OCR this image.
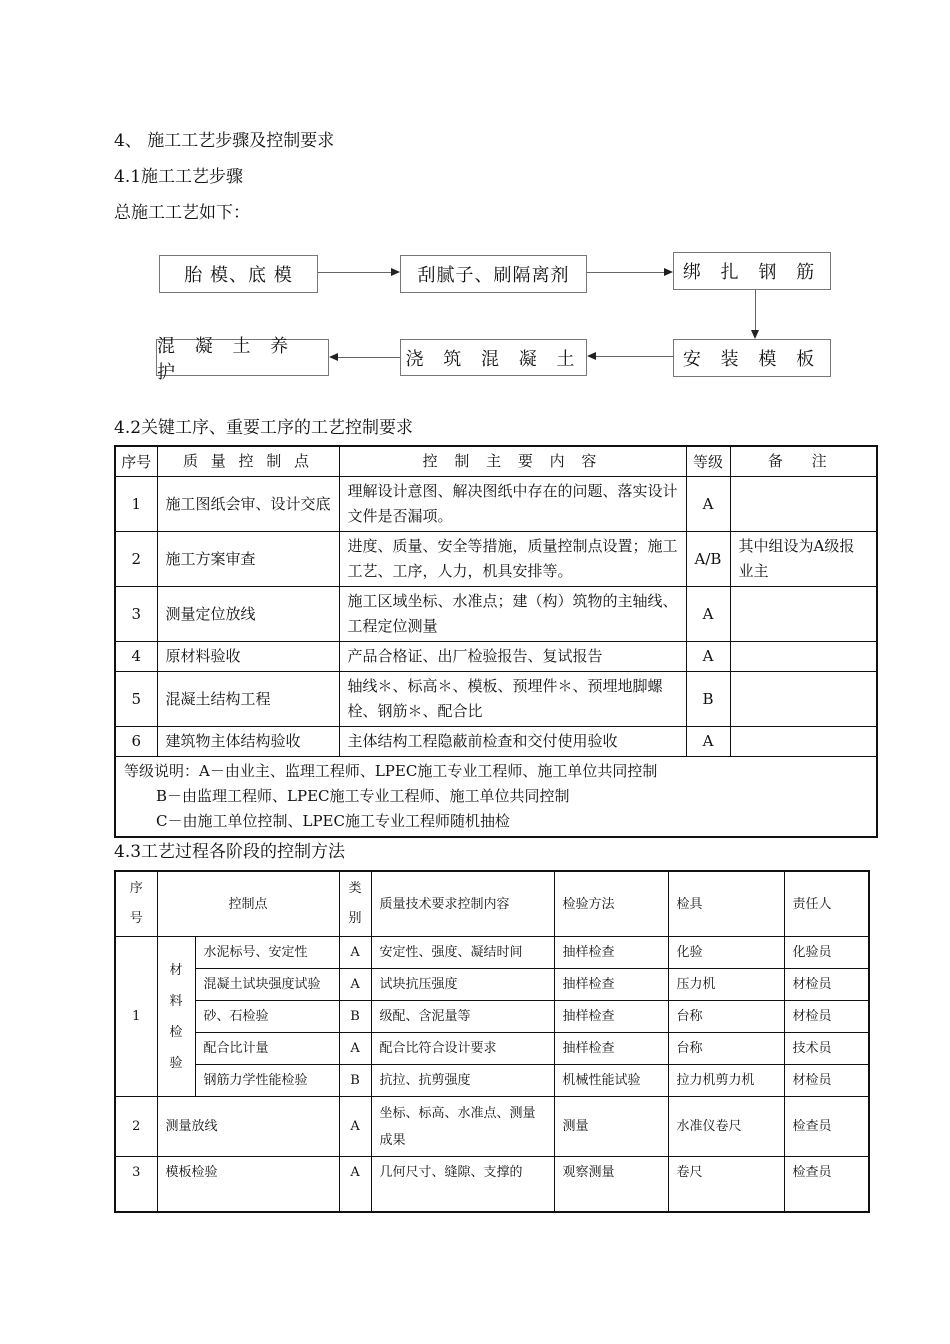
4、 施工工艺步骤及控制要求
4.1施工工艺步骤
总施工工艺如下：
胎 模、底 模	刮腻子、刷隔离剂	绑 扎 钢 筋
安 装 模 板
浇 筑 混 凝 土
混 凝 土 养 护
4.2关键工序、重要工序的工艺控制要求
序号	质 量 控 制 点	控 制 主 要 内 容	等级	备 注
1	施工图纸会审、设计交底	理解设计意图、解决图纸中存在的问题、落实设计文件是否漏项。	A	
2	施工方案审查	进度、质量、安全等措施，质量控制点设置；施工工艺、工序，人力，机具安排等。	A/B	其中组设为A级报业主
3	测量定位放线	施工区域坐标、水准点；建（构）筑物的主轴线、工程定位测量	A	
4	原材料验收	产品合格证、出厂检验报告、复试报告	A	
5	混凝土结构工程	轴线＊、标高＊、模板、预埋件＊、预埋地脚螺栓、钢筋＊、配合比	B	
6	建筑物主体结构验收	主体结构工程隐蔽前检查和交付使用验收	A	

等级说明：A－由业主、监理工程师、LPEC施工专业工程师、施工单位共同控制
B－由监理工程师、LPEC施工专业工程师、施工单位共同控制
C－由施工单位控制、LPEC施工专业工程师随机抽检				
4.3工艺过程各阶段的控制方法
序号	控制点		类别	质量技术要求控制内容	检验方法	检具	责任人
1	材料检验	水泥标号、安定性	A	安定性、强度、凝结时间	抽样检查	化验	化验员
		混凝土试块强度试验	A	试块抗压强度	抽样检查	压力机	材检员
		砂、石检验	B	级配、含泥量等	抽样检查	台称	材检员
		配合比计量	A	配合比符合设计要求	抽样检查	台称	技术员
		钢筋力学性能检验	B	抗拉、抗剪强度	机械性能试验	拉力机剪力机	材检员
2	测量放线		A	坐标、标高、水准点、测量成果	测量	水准仪卷尺	检查员
3	模板检验		A	几何尺寸、缝隙、支撑的	观察测量	卷尺	检查员
